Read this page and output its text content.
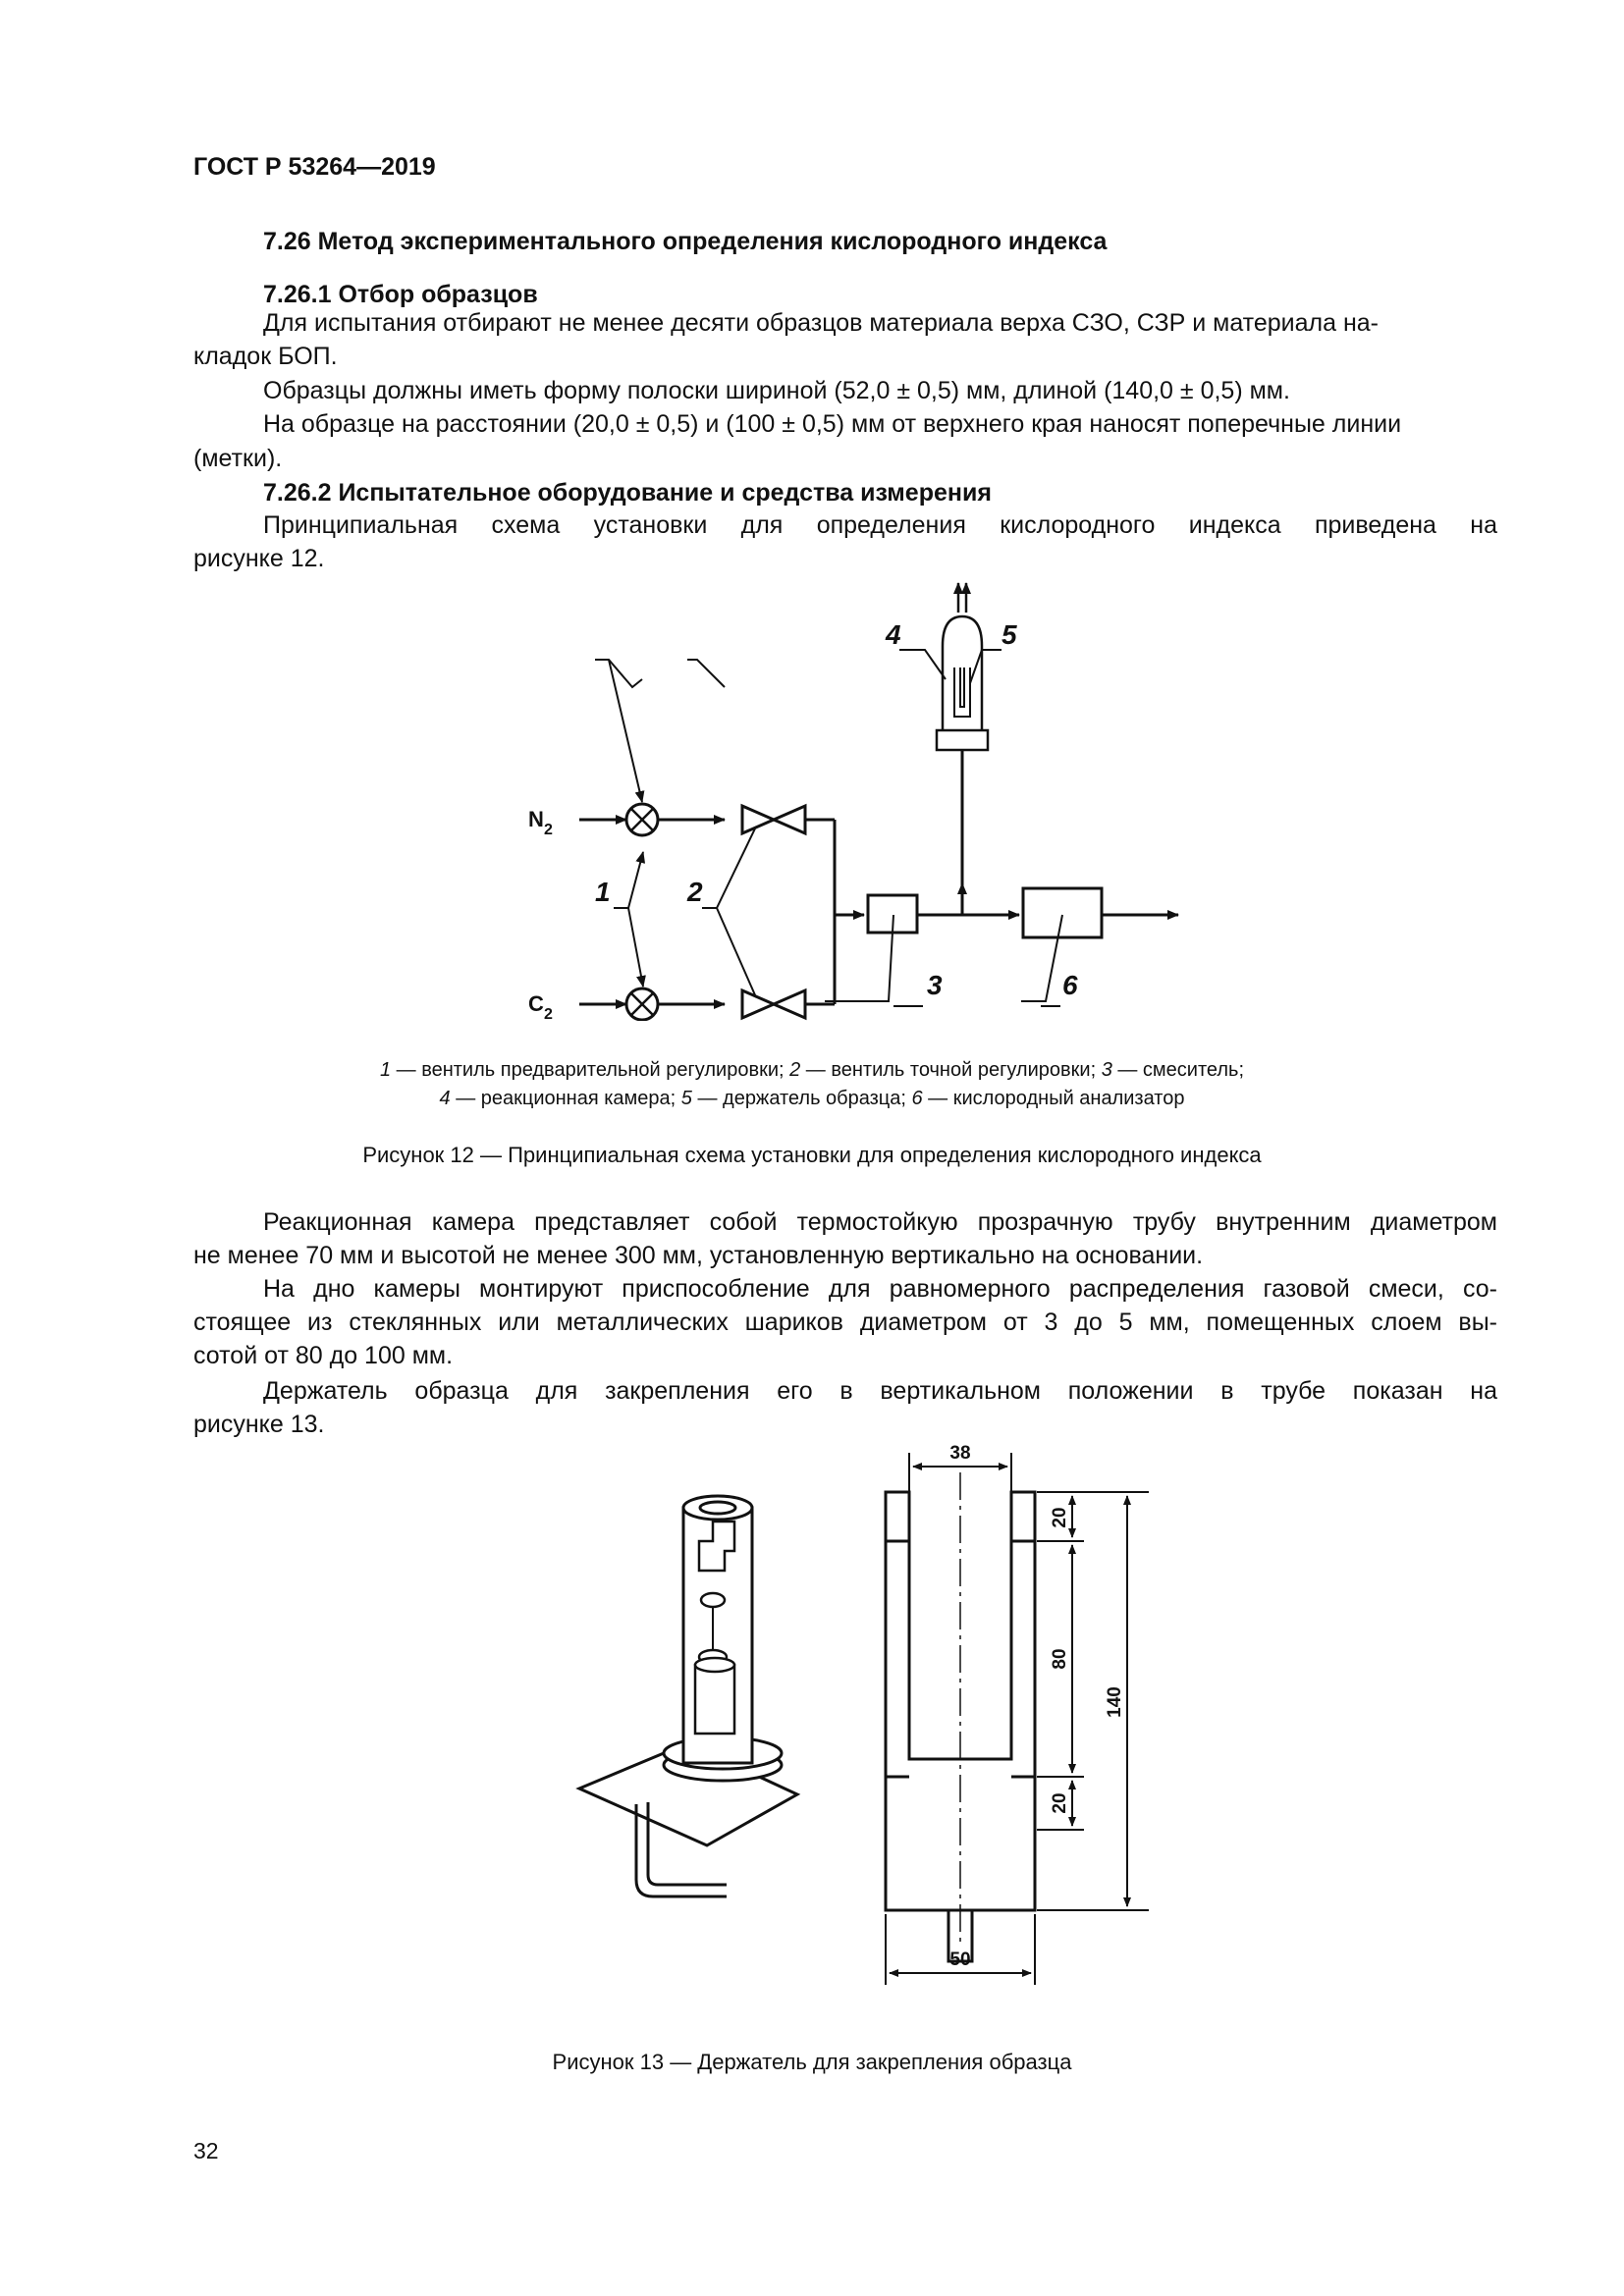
ГОСТ Р 53264—2019
7.26 Метод экспериментального определения кислородного индекса
7.26.1 Отбор образцов
Для испытания отбирают не менее десяти образцов материала верха СЗО, СЗР и материала на-
кладок БОП.
Образцы должны иметь форму полоски шириной (52,0 ± 0,5) мм, длиной (140,0 ± 0,5) мм.
На образце на расстоянии (20,0 ± 0,5) и (100 ± 0,5) мм от верхнего края наносят поперечные линии
(метки).
7.26.2 Испытательное оборудование и средства измерения
Принципиальная схема установки для определения кислородного индекса приведена на
рисунке 12.
N 2
C 2
1	2
3	6
4	5
1 — вентиль предварительной регулировки; 2 — вентиль точной регулировки; 3 — смеситель;
4 — реакционная камера; 5 — держатель образца; 6 — кислородный анализатор
Рисунок 12 — Принципиальная схема установки для определения кислородного индекса
Реакционная камера представляет собой термостойкую прозрачную трубу внутренним диаметром
не менее 70 мм и высотой не менее 300 мм, установленную вертикально на основании.
На дно камеры монтируют приспособление для равномерного распределения газовой смеси, со-
стоящее из стеклянных или металлических шариков диаметром от 3 до 5 мм, помещенных слоем вы-
сотой от 80 до 100 мм.
Держатель образца для закрепления его в вертикальном положении в трубе показан на
рисунке 13.
38
50
20
80
20
140
Рисунок 13 — Держатель для закрепления образца
32
